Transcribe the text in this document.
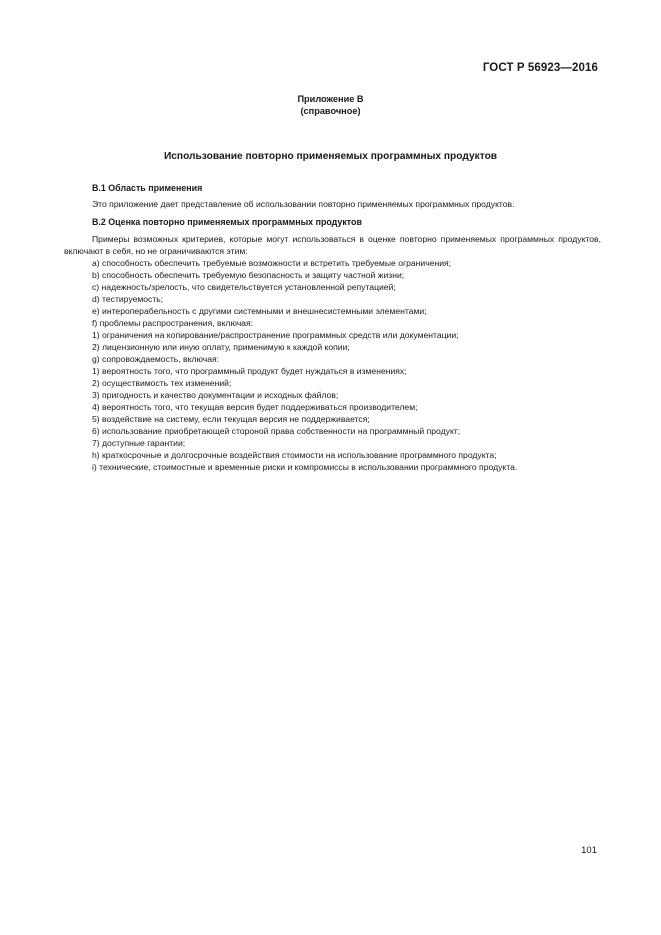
ГОСТ Р 56923—2016
Приложение В
(справочное)
Использование повторно применяемых программных продуктов
В.1 Область применения
Это приложение дает представление об использовании повторно применяемых программных продуктов.
В.2 Оценка повторно применяемых программных продуктов
Примеры возможных критериев, которые могут использоваться в оценке повторно применяемых программных продуктов, включают в себя, но не ограничиваются этим:
a) способность обеспечить требуемые возможности и встретить требуемые ограничения;
b) способность обеспечить требуемую безопасность и защиту частной жизни;
c) надежность/зрелость, что свидетельствуется установленной репутацией;
d) тестируемость;
e) интероперабельность с другими системными и внешнесистемными элементами;
f) проблемы распространения, включая:
1) ограничения на копирование/распространение программных средств или документации;
2) лицензионную или иную оплату, применимую к каждой копии;
g) сопровождаемость, включая:
1) вероятность того, что программный продукт будет нуждаться в изменениях;
2) осуществимость тех изменений;
3) пригодность и качество документации и исходных файлов;
4) вероятность того, что текущая версия будет поддерживаться производителем;
5) воздействие на систему, если текущая версия не поддерживается;
6) использование приобретающей стороной права собственности на программный продукт;
7) доступные гарантии;
h) краткосрочные и долгосрочные воздействия стоимости на использование программного продукта;
i) технические, стоимостные и временные риски и компромиссы в использовании программного продукта.
101
